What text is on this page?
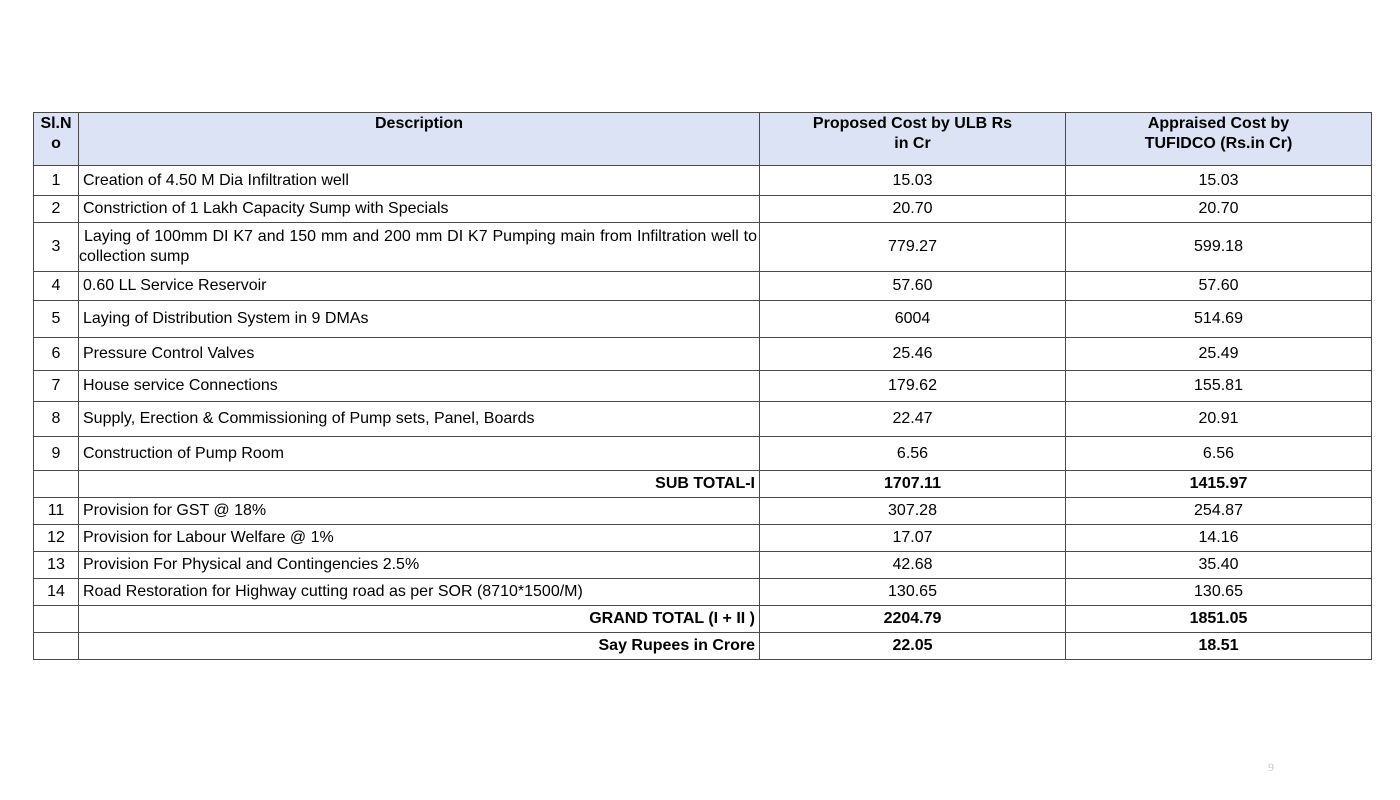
Sl.No	Description	Proposed Cost by ULB Rs in Cr	Appraised Cost by TUFIDCO (Rs.in Cr)
1	Creation of 4.50 M Dia Infiltration well	15.03	15.03
2	Constriction of 1 Lakh Capacity Sump with Specials	20.70	20.70
3	Laying of 100mm DI K7 and 150 mm and 200 mm DI K7 Pumping main from Infiltration well to collection sump	779.27	599.18
4	0.60 LL Service Reservoir	57.60	57.60
5	Laying of Distribution System in 9 DMAs	6004	514.69
6	Pressure Control Valves	25.46	25.49
7	House service Connections	179.62	155.81
8	Supply, Erection & Commissioning of Pump sets, Panel, Boards	22.47	20.91
9	Construction of Pump Room	6.56	6.56
	SUB TOTAL-I	1707.11	1415.97
11	Provision for GST @ 18%	307.28	254.87
12	Provision for Labour Welfare @ 1%	17.07	14.16
13	Provision For Physical and Contingencies 2.5%	42.68	35.40
14	Road Restoration for Highway cutting road as per SOR (8710*1500/M)	130.65	130.65
	GRAND TOTAL (I + II )	2204.79	1851.05
	Say Rupees in Crore	22.05	18.51
9
